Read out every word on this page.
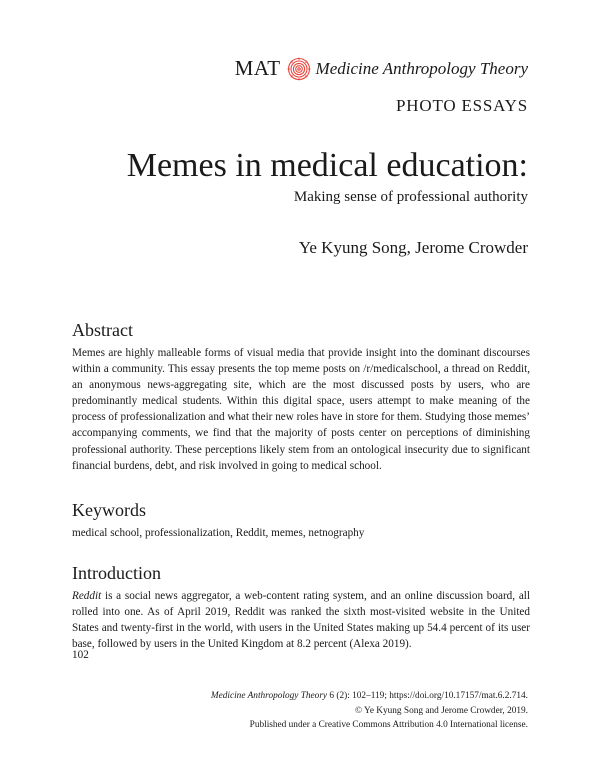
MAT Medicine Anthropology Theory
PHOTO ESSAYS
Memes in medical education:
Making sense of professional authority
Ye Kyung Song, Jerome Crowder
Abstract

Memes are highly malleable forms of visual media that provide insight into the dominant discourses within a community. This essay presents the top meme posts on /r/medicalschool, a thread on Reddit, an anonymous news-aggregating site, which are the most discussed posts by users, who are predominantly medical students. Within this digital space, users attempt to make meaning of the process of professionalization and what their new roles have in store for them. Studying those memes’ accompanying comments, we find that the majority of posts center on perceptions of diminishing professional authority. These perceptions likely stem from an ontological insecurity due to significant financial burdens, debt, and risk involved in going to medical school.

Keywords

medical school, professionalization, Reddit, memes, netnography

Introduction

Reddit is a social news aggregator, a web-content rating system, and an online discussion board, all rolled into one. As of April 2019, Reddit was ranked the sixth most-visited website in the United States and twenty-first in the world, with users in the United States making up 54.4 percent of its user base, followed by users in the United Kingdom at 8.2 percent (Alexa 2019).

102
Medicine Anthropology Theory 6 (2): 102–119; https://doi.org/10.17157/mat.6.2.714.
© Ye Kyung Song and Jerome Crowder, 2019.
Published under a Creative Commons Attribution 4.0 International license.
